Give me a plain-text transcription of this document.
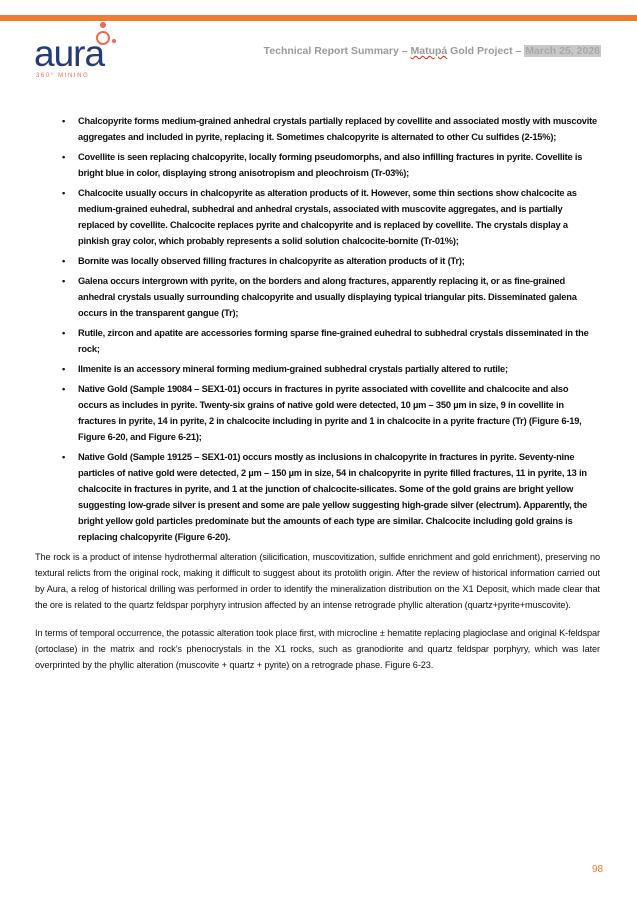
aura
360° MINING
Technical Report Summary – Matupá Gold Project – March 25, 2026
• Chalcopyrite forms medium-grained anhedral crystals partially replaced by covellite and associated mostly with muscovite aggregates and included in pyrite, replacing it. Sometimes chalcopyrite is alternated to other Cu sulfides (2-15%);
• Covellite is seen replacing chalcopyrite, locally forming pseudomorphs, and also infilling fractures in pyrite. Covellite is bright blue in color, displaying strong anisotropism and pleochroism (Tr-03%);
• Chalcocite usually occurs in chalcopyrite as alteration products of it. However, some thin sections show chalcocite as medium-grained euhedral, subhedral and anhedral crystals, associated with muscovite aggregates, and is partially replaced by covellite. Chalcocite replaces pyrite and chalcopyrite and is replaced by covellite. The crystals display a pinkish gray color, which probably represents a solid solution chalcocite-bornite (Tr-01%);
• Bornite was locally observed filling fractures in chalcopyrite as alteration products of it (Tr);
• Galena occurs intergrown with pyrite, on the borders and along fractures, apparently replacing it, or as fine-grained anhedral crystals usually surrounding chalcopyrite and usually displaying typical triangular pits. Disseminated galena occurs in the transparent gangue (Tr);
• Rutile, zircon and apatite are accessories forming sparse fine-grained euhedral to subhedral crystals disseminated in the rock;
• Ilmenite is an accessory mineral forming medium-grained subhedral crystals partially altered to rutile;
• Native Gold (Sample 19084 – SEX1-01) occurs in fractures in pyrite associated with covellite and chalcocite and also occurs as includes in pyrite. Twenty-six grains of native gold were detected, 10 µm – 350 µm in size, 9 in covellite in fractures in pyrite, 14 in pyrite, 2 in chalcocite including in pyrite and 1 in chalcocite in a pyrite fracture (Tr) (Figure 6-19, Figure 6-20, and Figure 6-21);
• Native Gold (Sample 19125 – SEX1-01) occurs mostly as inclusions in chalcopyrite in fractures in pyrite. Seventy-nine particles of native gold were detected, 2 µm – 150 µm in size, 54 in chalcopyrite in pyrite filled fractures, 11 in pyrite, 13 in chalcocite in fractures in pyrite, and 1 at the junction of chalcocite-silicates. Some of the gold grains are bright yellow suggesting low-grade silver is present and some are pale yellow suggesting high-grade silver (electrum). Apparently, the bright yellow gold particles predominate but the amounts of each type are similar. Chalcocite including gold grains is replacing chalcopyrite (Figure 6-20).

The rock is a product of intense hydrothermal alteration (silicification, muscovitization, sulfide enrichment and gold enrichment), preserving no textural relicts from the original rock, making it difficult to suggest about its protolith origin. After the review of historical information carried out by Aura, a relog of historical drilling was performed in order to identify the mineralization distribution on the X1 Deposit, which made clear that the ore is related to the quartz feldspar porphyry intrusion affected by an intense retrograde phyllic alteration (quartz+pyrite+muscovite).

In terms of temporal occurrence, the potassic alteration took place first, with microcline ± hematite replacing plagioclase and original K-feldspar (ortoclase) in the matrix and rock’s phenocrystals in the X1 rocks, such as granodiorite and quartz feldspar porphyry, which was later overprinted by the phyllic alteration (muscovite + quartz + pyrite) on a retrograde phase. Figure 6-23.

98
